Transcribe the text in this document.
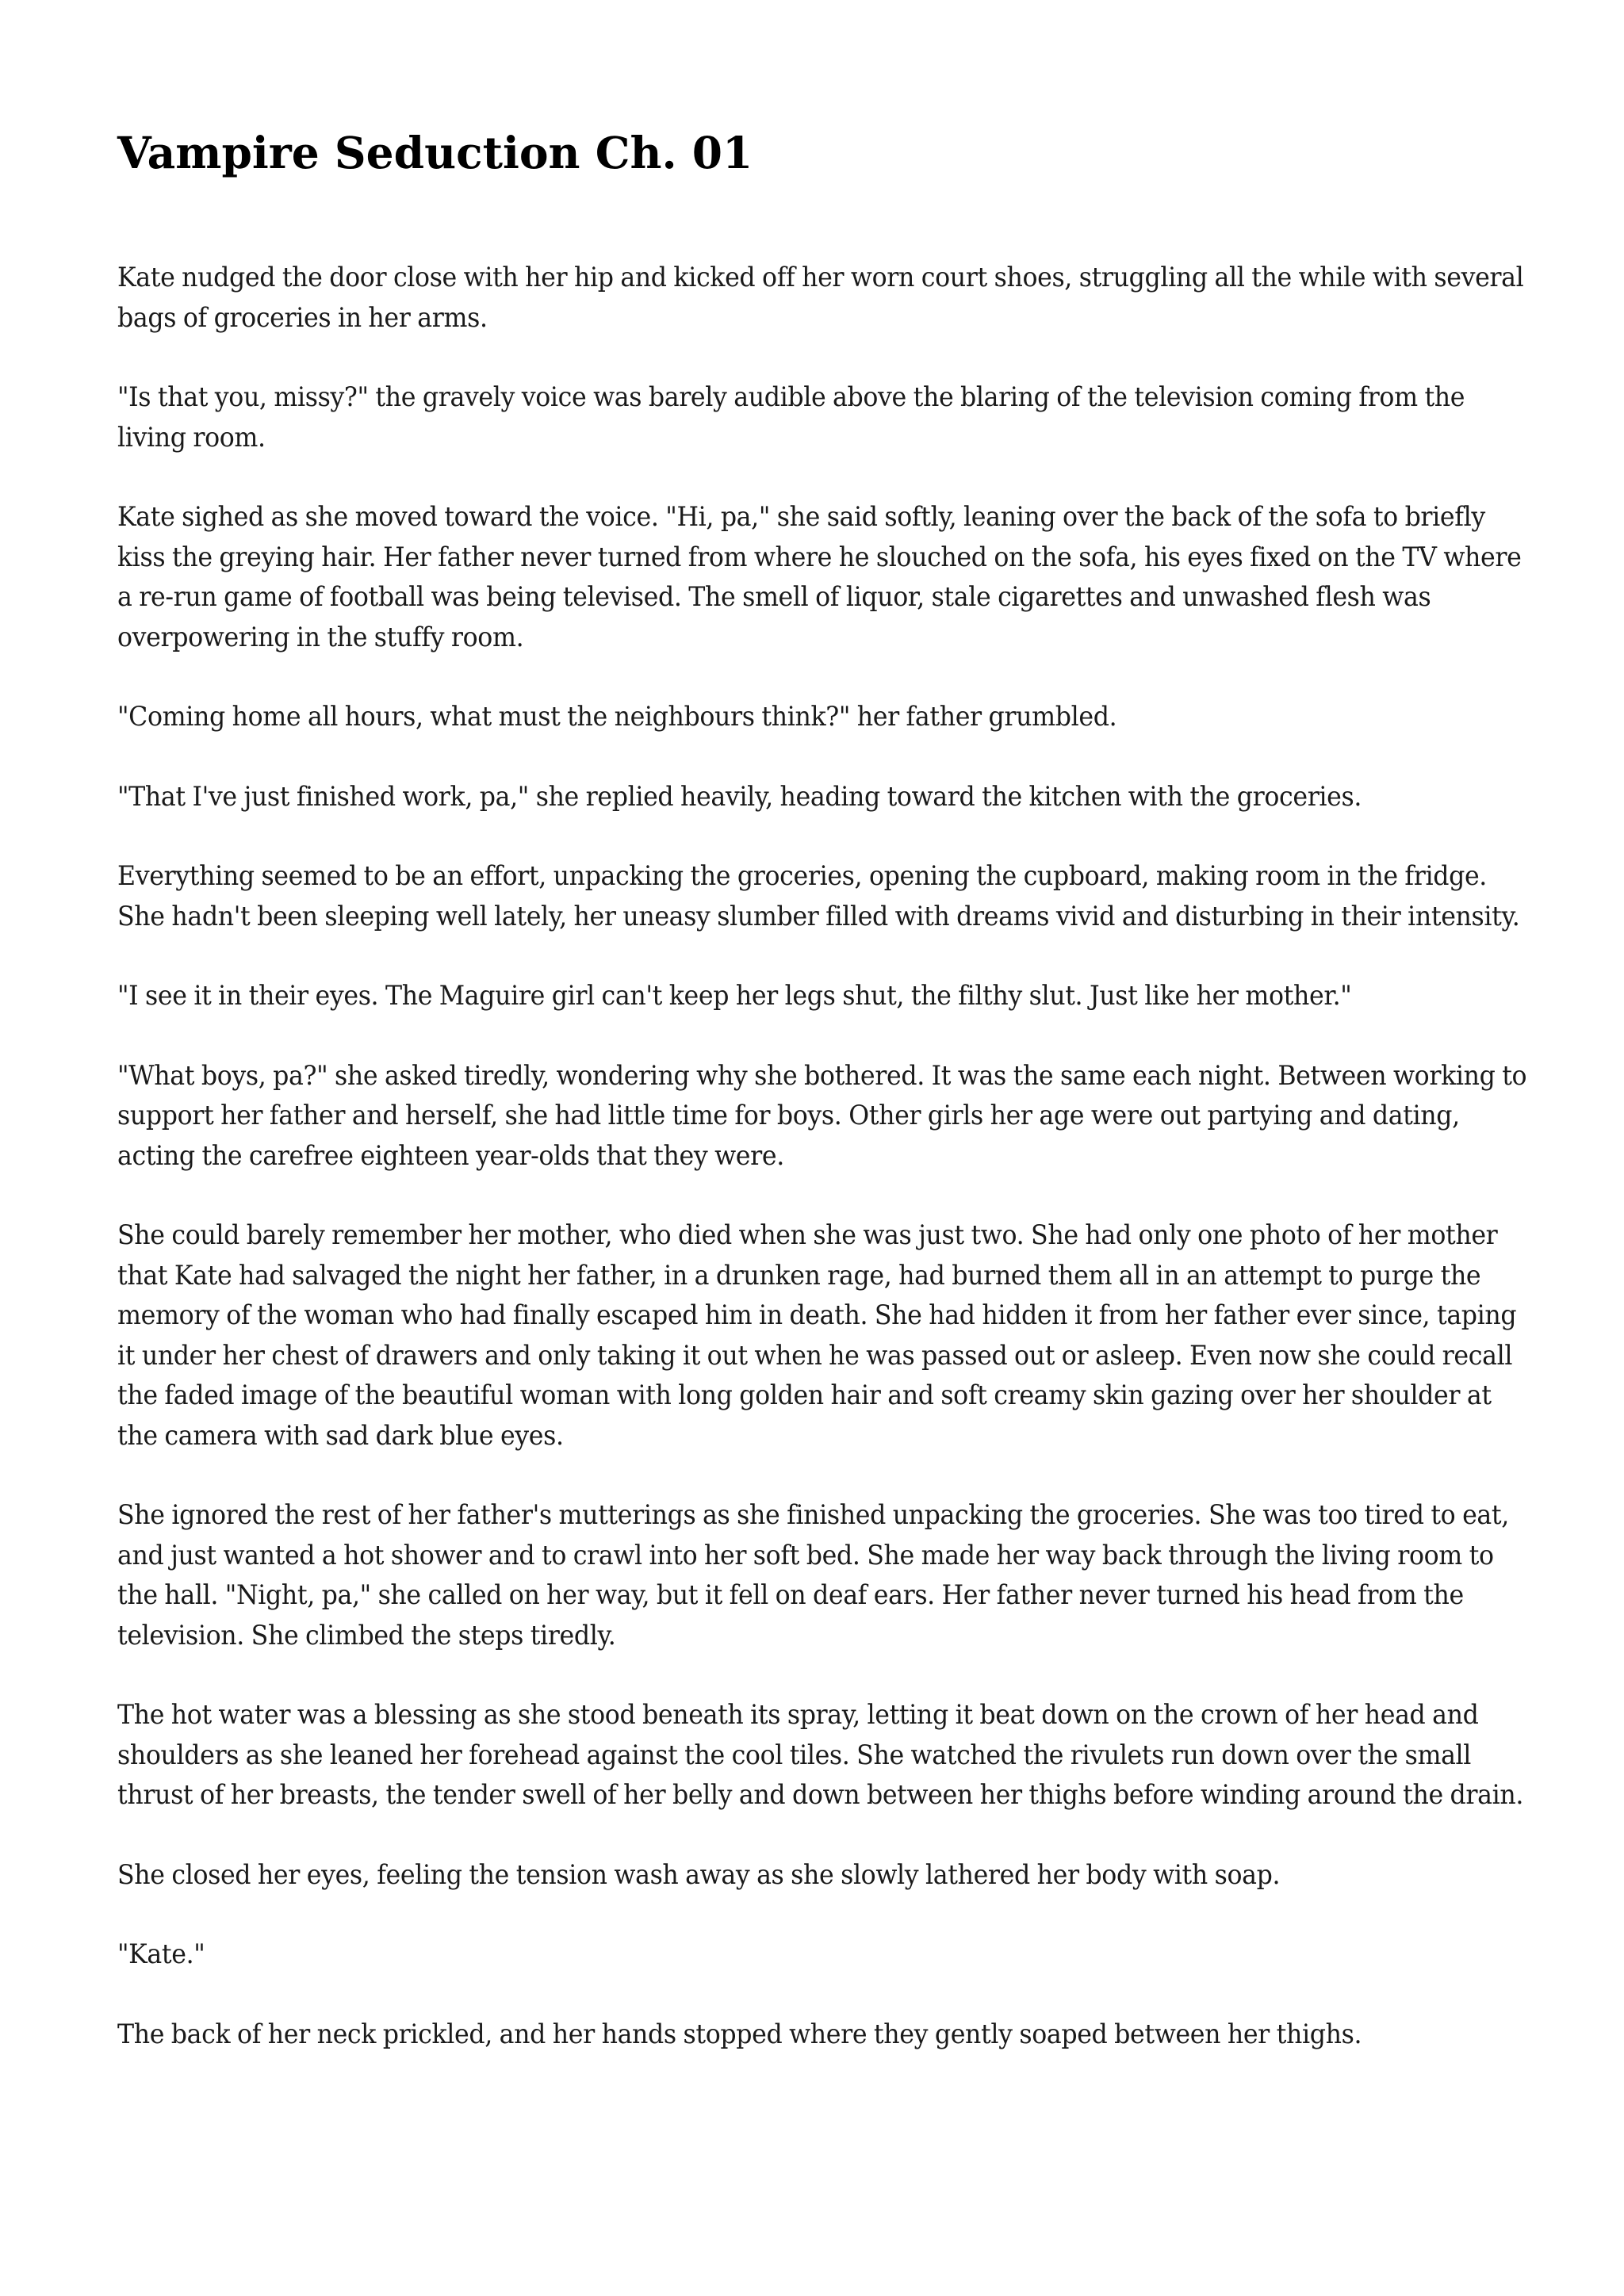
Vampire Seduction Ch. 01

Kate nudged the door close with her hip and kicked off her worn court shoes, struggling all the while with several bags of groceries in her arms.

"Is that you, missy?" the gravely voice was barely audible above the blaring of the television coming from the living room.

Kate sighed as she moved toward the voice. "Hi, pa," she said softly, leaning over the back of the sofa to briefly kiss the greying hair. Her father never turned from where he slouched on the sofa, his eyes fixed on the TV where a re-run game of football was being televised. The smell of liquor, stale cigarettes and unwashed flesh was overpowering in the stuffy room.

"Coming home all hours, what must the neighbours think?" her father grumbled.

"That I've just finished work, pa," she replied heavily, heading toward the kitchen with the groceries.

Everything seemed to be an effort, unpacking the groceries, opening the cupboard, making room in the fridge. She hadn't been sleeping well lately, her uneasy slumber filled with dreams vivid and disturbing in their intensity.

"I see it in their eyes. The Maguire girl can't keep her legs shut, the filthy slut. Just like her mother."

"What boys, pa?" she asked tiredly, wondering why she bothered. It was the same each night. Between working to support her father and herself, she had little time for boys. Other girls her age were out partying and dating, acting the carefree eighteen year-olds that they were.

She could barely remember her mother, who died when she was just two. She had only one photo of her mother that Kate had salvaged the night her father, in a drunken rage, had burned them all in an attempt to purge the memory of the woman who had finally escaped him in death. She had hidden it from her father ever since, taping it under her chest of drawers and only taking it out when he was passed out or asleep. Even now she could recall the faded image of the beautiful woman with long golden hair and soft creamy skin gazing over her shoulder at the camera with sad dark blue eyes.

She ignored the rest of her father's mutterings as she finished unpacking the groceries. She was too tired to eat, and just wanted a hot shower and to crawl into her soft bed. She made her way back through the living room to the hall. "Night, pa," she called on her way, but it fell on deaf ears. Her father never turned his head from the television. She climbed the steps tiredly.

The hot water was a blessing as she stood beneath its spray, letting it beat down on the crown of her head and shoulders as she leaned her forehead against the cool tiles. She watched the rivulets run down over the small thrust of her breasts, the tender swell of her belly and down between her thighs before winding around the drain.

She closed her eyes, feeling the tension wash away as she slowly lathered her body with soap.

"Kate."

The back of her neck prickled, and her hands stopped where they gently soaped between her thighs.
